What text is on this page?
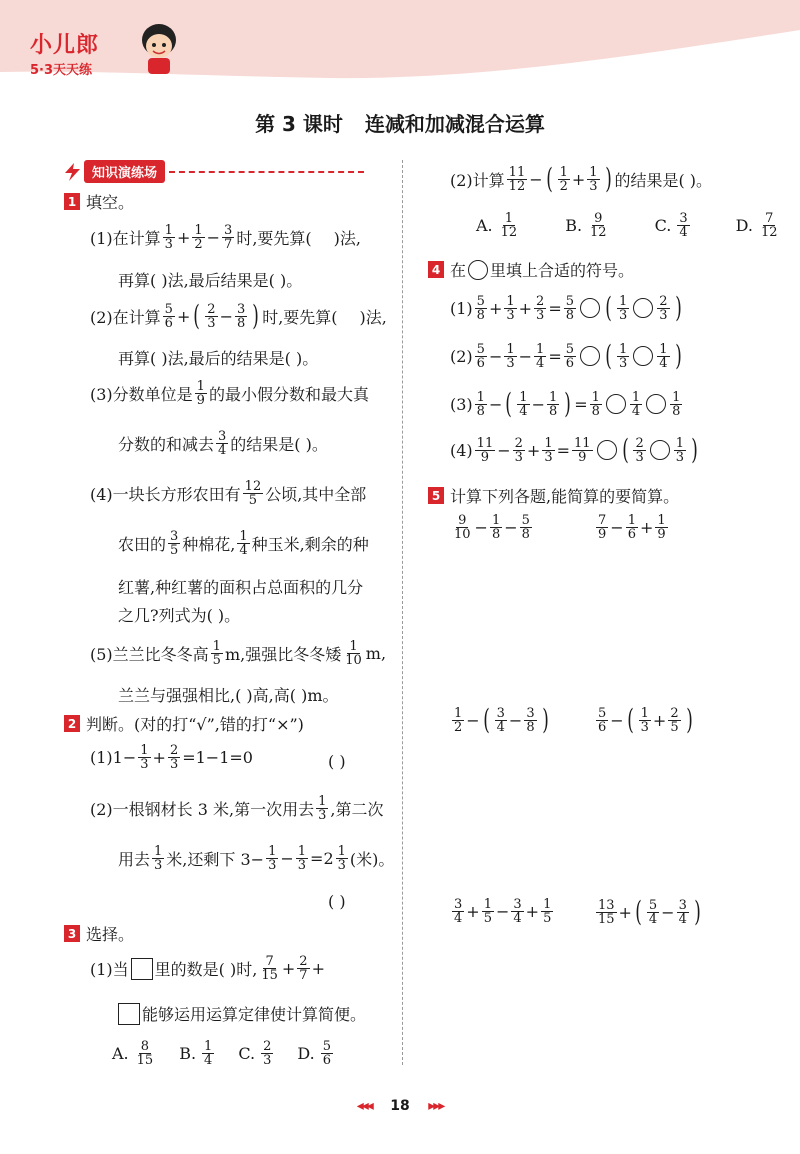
小儿郎
5·3天天练
第 3 课时 连减和加减混合运算
知识演练场
1 填空。
(1)在计算 $\frac{1}{3} + \frac{1}{2} - \frac{3}{7}$ 时,要先算( )法,
再算( )法,最后结果是( )。
(2)在计算 $\frac{5}{6}$ + ( $\frac{2}{3} - \frac{3}{8}$ ) 时,要先算( )法,
再算( )法,最后的结果是( )。
(3)分数单位是 $\frac{1}{9}$ 的最小假分数和最大真
分数的和减去 $\frac{3}{4}$ 的结果是( )。
(4)一块长方形农田有 $\frac{12}{5}$ 公顷,其中全部
农田的 $\frac{3}{5}$ 种棉花, $\frac{1}{4}$ 种玉米,剩余的种
红薯,种红薯的面积占总面积的几分
之几?列式为( )。
(5)兰兰比冬冬高 $\frac{1}{5} m$,强强比冬冬矮 $\frac{1}{10} m$,
兰兰与强强相比,( )高,高( )m。
2 判断。(对的打“√”,错的打“×”)
$(1)1- \frac{1}{3} + \frac{2}{3} =1-1=0$	( )
(2)一根钢材长 3 米,第一次用去 $\frac{1}{3}$ ,第二次
用去 $\frac{1}{3}$ 米,还剩下 $3- \frac{1}{3} - \frac{1}{3} =2 \frac{1}{3}$ (米)。
( )
3 选择。
(1)当 里的数是( )时, $\frac{7}{15} + \frac{2}{7}$ +
能够运用运算定律使计算简便。
A. $\frac{8}{15} B$. $\frac{1}{4} C$. $\frac{2}{3} D$. $\frac{5}{6}$
(2)计算 $\frac{11}{12}$ − ( $\frac{1}{2} + \frac{1}{3}$ ) 的结果是( )。
A. $\frac{1}{12}$	B. $\frac{9}{12}$	C. $\frac{3}{4}$	D. $\frac{7}{12}$
4 在 里填上合适的符号。
$(1) \frac{5}{8} + \frac{1}{3} + \frac{2}{3} = \frac{5}{8}$ ( $\frac{1}{3} \frac{2}{3}$ )
$(2) \frac{5}{6} - \frac{1}{3} - \frac{1}{4} = \frac{5}{6}$ ( $\frac{1}{3} \frac{1}{4}$ )
$(3) \frac{1}{8}$ − ( $\frac{1}{4} - \frac{1}{8}$ ) = $\frac{1}{8} \frac{1}{4} \frac{1}{8}$
$(4) \frac{11}{9} - \frac{2}{3} + \frac{1}{3} = \frac{11}{9}$ ( $\frac{2}{3} \frac{1}{3}$ )
5 计算下列各题,能简算的要简算。
$\frac{9}{10} - \frac{1}{8} - \frac{5}{8}$	$\frac{7}{9} - \frac{1}{6} + \frac{1}{9}$
$\frac{1}{2}$ − ( $\frac{3}{4} - \frac{3}{8}$ )	$\frac{5}{6}$ − ( $\frac{1}{3} + \frac{2}{5}$ )
$\frac{3}{4} + \frac{1}{5} - \frac{3}{4} + \frac{1}{5}$	$\frac{13}{15}$ + ( $\frac{5}{4} - \frac{3}{4}$ )
◂◂◂ 18 ▸▸▸
